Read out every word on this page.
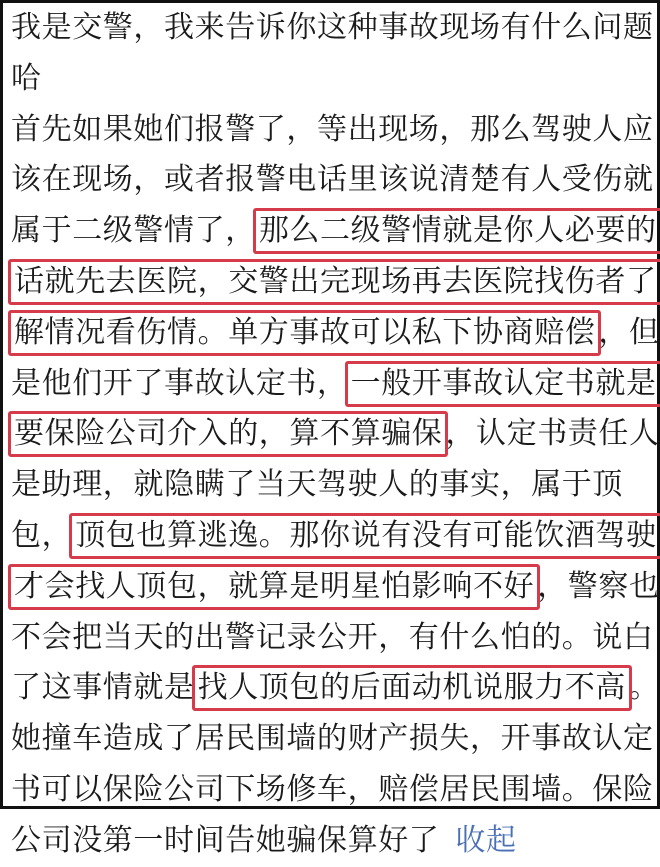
我是交警，我来告诉你这种事故现场有什么问题
哈
首先如果她们报警了，等出现场，那么驾驶人应
该在现场，或者报警电话里该说清楚有人受伤就
属于二级警情了， 那么二级警情就是你人必要的
话就先去医院，交警出完现场再去医院找伤者了
解情况看伤情。单方事故可以私下协商赔偿 ，但
是他们开了事故认定书， 一般开事故认定书就是
要保险公司介入的，算不算骗保 ，认定书责任人
是助理，就隐瞒了当天驾驶人的事实，属于顶
包， 顶包也算逃逸。那你说有没有可能饮酒驾驶
才会找人顶包，就算是明星怕影响不好 ，警察也
不会把当天的出警记录公开，有什么怕的。说白
了这事情就是 找人顶包的后面动机说服力不高 。
她撞车造成了居民围墙的财产损失，开事故认定
书可以保险公司下场修车，赔偿居民围墙。保险
公司没第一时间告她骗保算好了 收起
